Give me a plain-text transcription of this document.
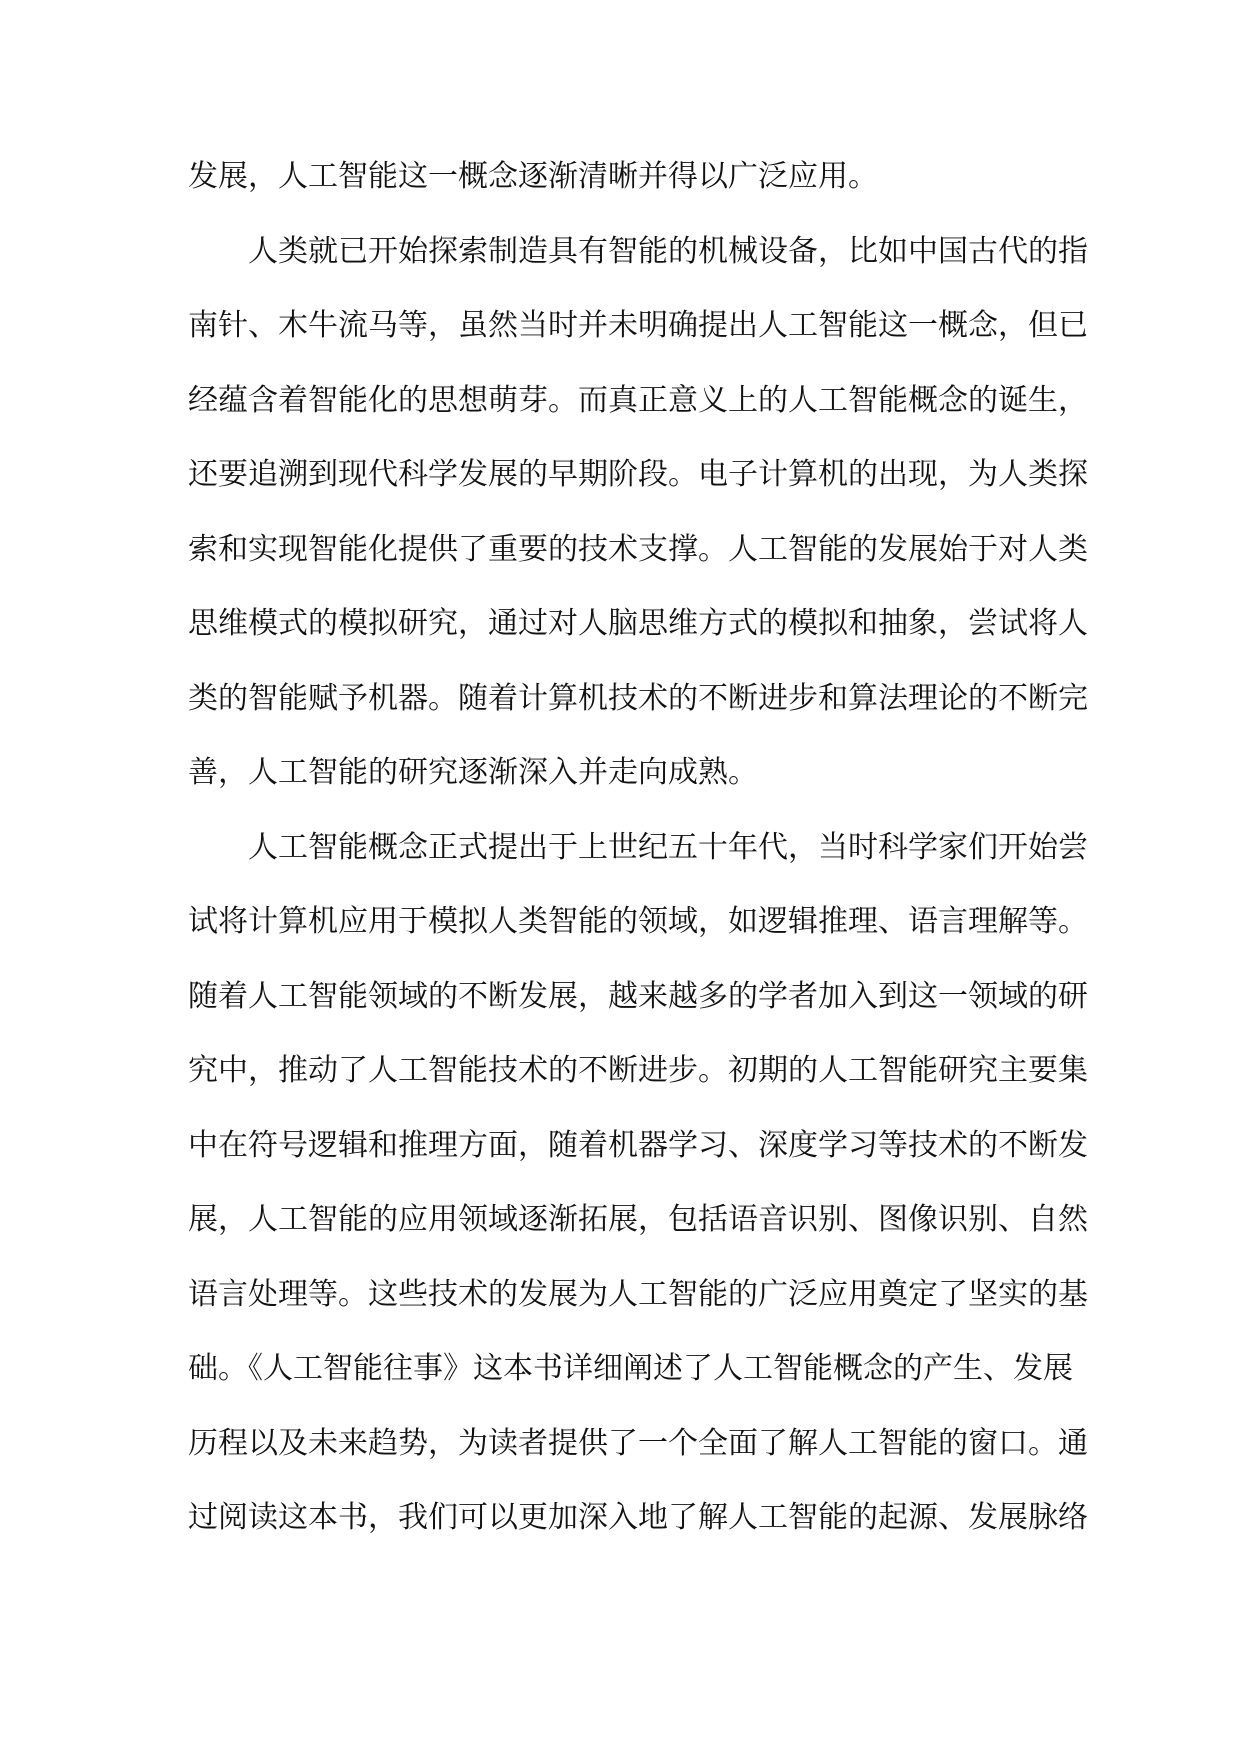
发展，人工智能这一概念逐渐清晰并得以广泛应用。
人类就已开始探索制造具有智能的机械设备，比如中国古代的指
南针、木牛流马等，虽然当时并未明确提出人工智能这一概念，但已
经蕴含着智能化的思想萌芽。而真正意义上的人工智能概念的诞生，
还要追溯到现代科学发展的早期阶段。电子计算机的出现，为人类探
索和实现智能化提供了重要的技术支撑。人工智能的发展始于对人类
思维模式的模拟研究，通过对人脑思维方式的模拟和抽象，尝试将人
类的智能赋予机器。随着计算机技术的不断进步和算法理论的不断完
善，人工智能的研究逐渐深入并走向成熟。
人工智能概念正式提出于上世纪五十年代，当时科学家们开始尝
试将计算机应用于模拟人类智能的领域，如逻辑推理、语言理解等。
随着人工智能领域的不断发展，越来越多的学者加入到这一领域的研
究中，推动了人工智能技术的不断进步。初期的人工智能研究主要集
中在符号逻辑和推理方面，随着机器学习、深度学习等技术的不断发
展，人工智能的应用领域逐渐拓展，包括语音识别、图像识别、自然
语言处理等。这些技术的发展为人工智能的广泛应用奠定了坚实的基
础。《人工智能往事》这本书详细阐述了人工智能概念的产生、发展
历程以及未来趋势，为读者提供了一个全面了解人工智能的窗口。通
过阅读这本书，我们可以更加深入地了解人工智能的起源、发展脉络
